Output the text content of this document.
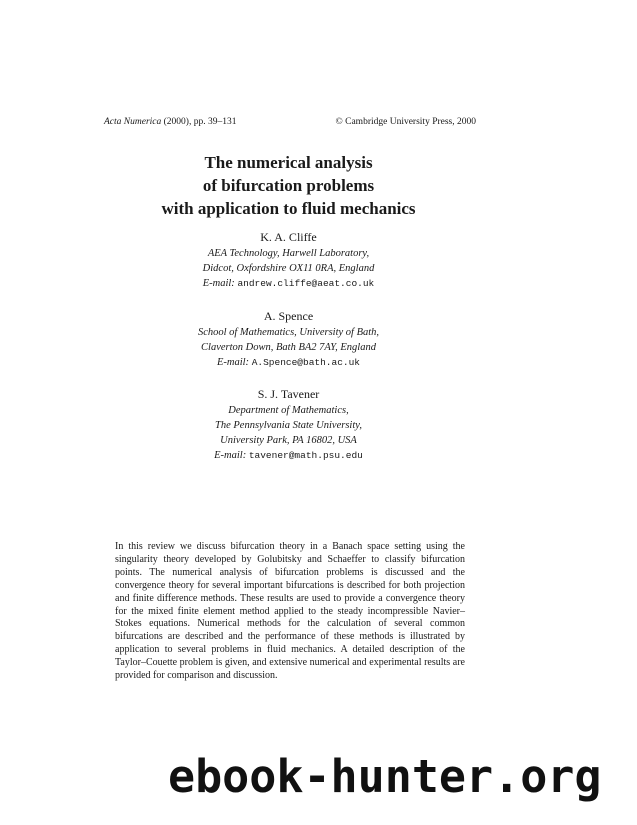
Acta Numerica (2000), pp. 39–131	© Cambridge University Press, 2000
The numerical analysis
of bifurcation problems
with application to fluid mechanics
K. A. Cliffe
AEA Technology, Harwell Laboratory,
Didcot, Oxfordshire OX11 0RA, England
E-mail: andrew.cliffe@aeat.co.uk
A. Spence
School of Mathematics, University of Bath,
Claverton Down, Bath BA2 7AY, England
E-mail: A.Spence@bath.ac.uk
S. J. Tavener
Department of Mathematics,
The Pennsylvania State University,
University Park, PA 16802, USA
E-mail: tavener@math.psu.edu
In this review we discuss bifurcation theory in a Banach space setting using the singularity theory developed by Golubitsky and Schaeffer to classify bifurcation points. The numerical analysis of bifurcation problems is discussed and the convergence theory for several important bifurcations is described for both projection and finite difference methods. These results are used to provide a convergence theory for the mixed finite element method applied to the steady incompressible Navier–Stokes equations. Numerical methods for the calculation of several common bifurcations are described and the performance of these methods is illustrated by application to several problems in fluid mechanics. A detailed description of the Taylor–Couette problem is given, and extensive numerical and experimental results are provided for comparison and discussion.
ebook-hunter.org
